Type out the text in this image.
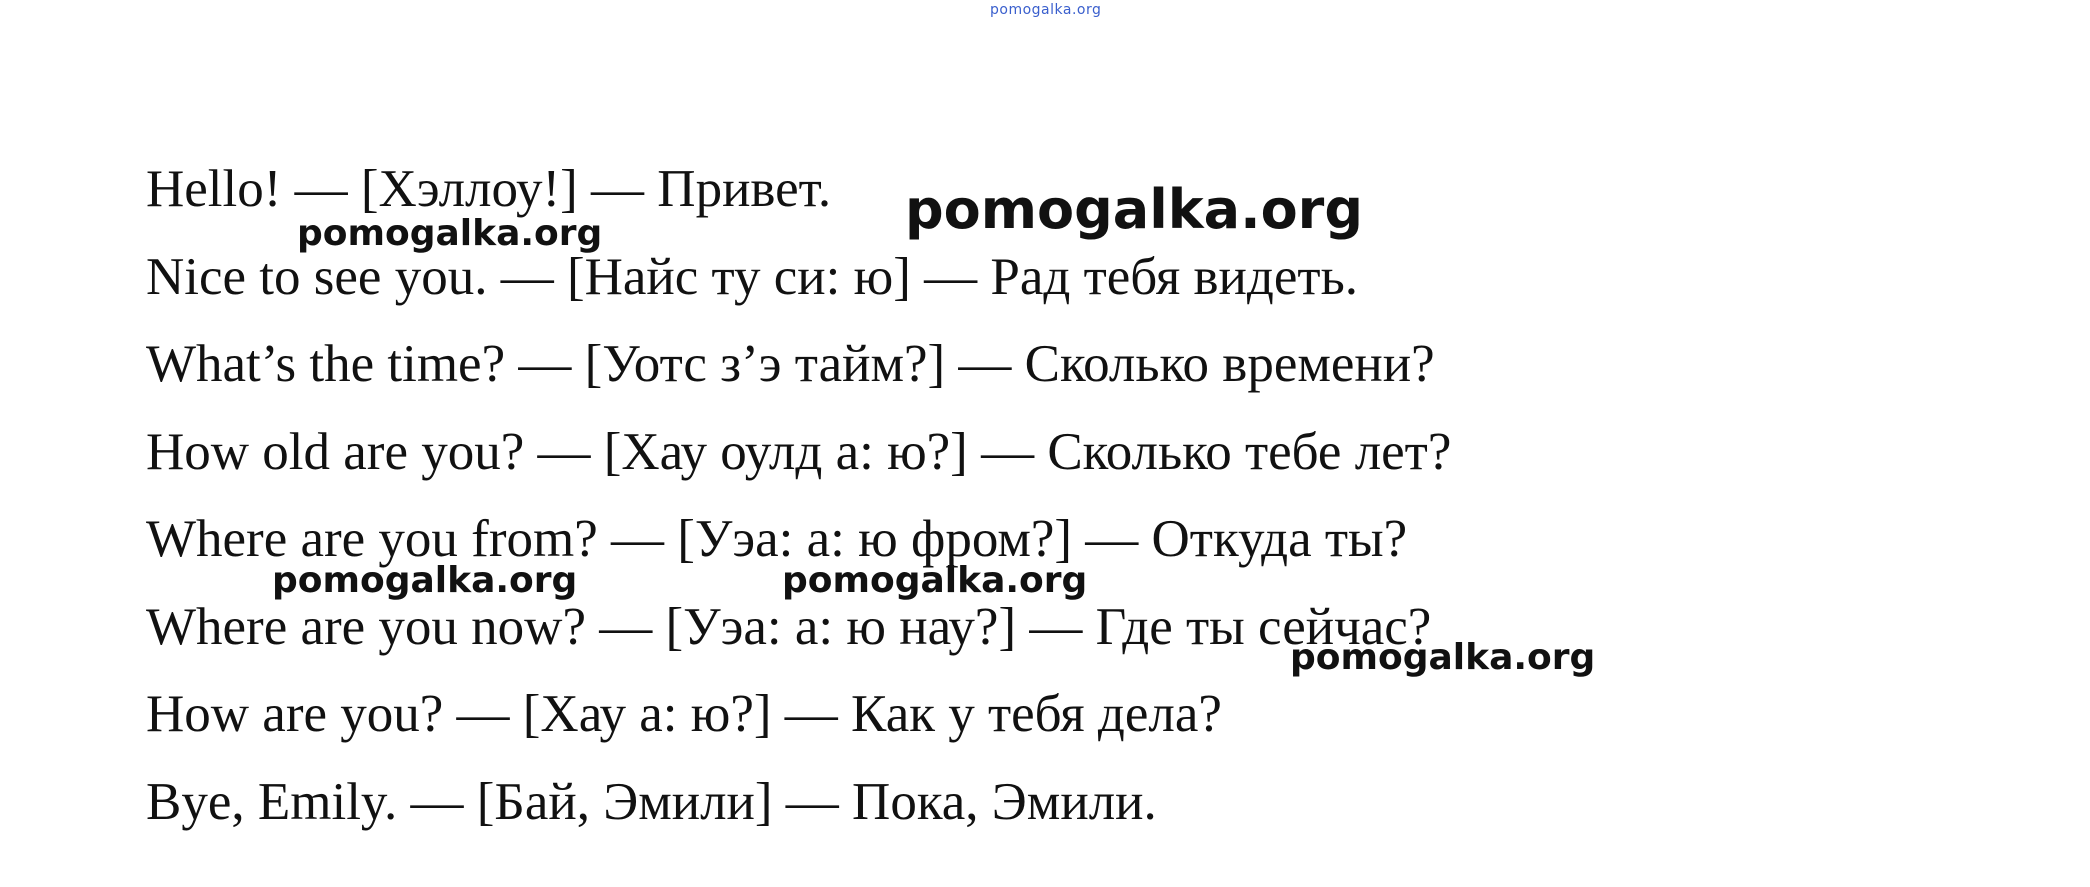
pomogalka.org
Hello! — [Хэллоу!] — Привет.
Nice to see you. — [Найс ту си: ю] — Рад тебя видеть.
What’s the time? — [Уотс з’э тайм?] — Сколько времени?
How old are you? — [Хау оулд а: ю?] — Сколько тебе лет?
Where are you from? — [Уэа: а: ю фром?] — Откуда ты?
Where are you now? — [Уэа: а: ю нау?] — Где ты сейчас?
How are you? — [Хау а: ю?] — Как у тебя дела?
Bye, Emily. — [Бай, Эмили] — Пока, Эмили.
pomogalka.org
pomogalka.org
pomogalka.org	pomogalka.org
pomogalka.org
